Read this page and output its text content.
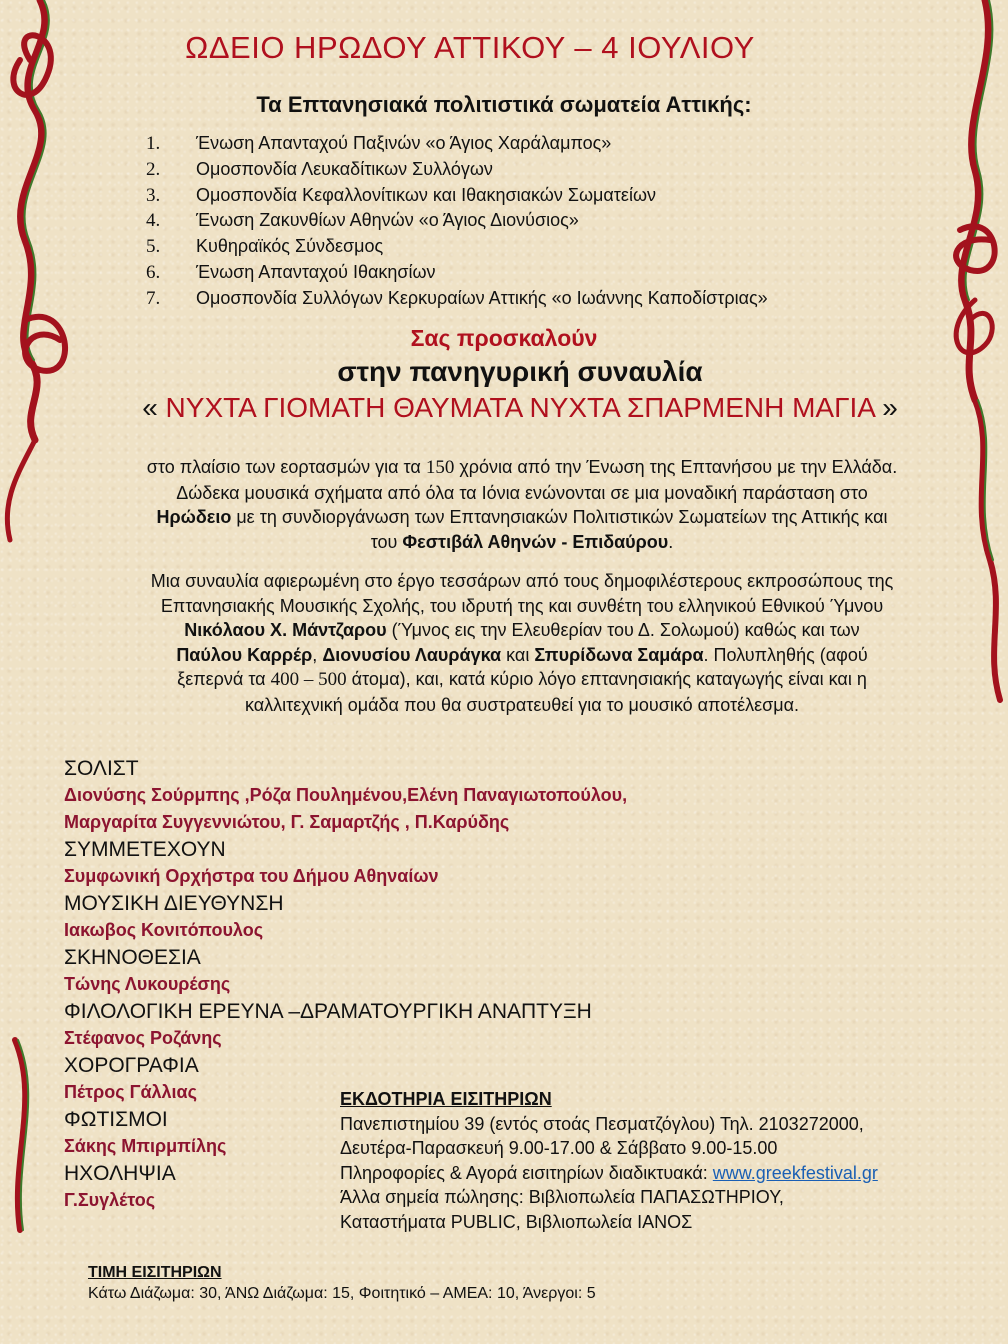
ΩΔΕΙΟ ΗΡΩΔΟΥ ΑΤΤΙΚΟΥ – 4 ΙΟΥΛΙΟΥ
Τα Επτανησιακά πολιτιστικά σωματεία Αττικής:
1.	Ένωση Απανταχού Παξινών «ο Άγιος Χαράλαμπος»
2.	Ομοσπονδία Λευκαδίτικων Συλλόγων
3.	Ομοσπονδία Κεφαλλονίτικων και Ιθακησιακών Σωματείων
4.	Ένωση Ζακυνθίων Αθηνών «ο Άγιος Διονύσιος»
5.	Κυθηραϊκός Σύνδεσμος
6.	Ένωση Απανταχού Ιθακησίων
7.	Ομοσπονδία Συλλόγων Κερκυραίων Αττικής «ο Ιωάννης Καποδίστριας»
Σας προσκαλούν
στην πανηγυρική συναυλία
« ΝΥΧΤΑ ΓΙΟΜΑΤΗ ΘΑΥΜΑΤΑ ΝΥΧΤΑ ΣΠΑΡΜΕΝΗ ΜΑΓΙΑ »

στο πλαίσιο των εορτασμών για τα 150 χρόνια από την Ένωση της Επτανήσου με την Ελλάδα.

Δώδεκα μουσικά σχήματα από όλα τα Ιόνια ενώνονται σε μια μοναδική παράσταση στο

Ηρώδειο με τη συνδιοργάνωση των Επτανησιακών Πολιτιστικών Σωματείων της Αττικής και

του Φεστιβάλ Αθηνών - Επιδαύρου.

Μια συναυλία αφιερωμένη στο έργο τεσσάρων από τους δημοφιλέστερους εκπροσώπους της

Επτανησιακής Μουσικής Σχολής, του ιδρυτή της και συνθέτη του ελληνικού Εθνικού Ύμνου

Νικόλαου Χ. Μάντζαρου (Ύμνος εις την Ελευθερίαν του Δ. Σολωμού) καθώς και των

Παύλου Καρρέρ, Διονυσίου Λαυράγκα και Σπυρίδωνα Σαμάρα. Πολυπληθής (αφού

ξεπερνά τα 400 – 500 άτομα), και, κατά κύριο λόγο επτανησιακής καταγωγής είναι και η

καλλιτεχνική ομάδα που θα συστρατευθεί για το μουσικό αποτέλεσμα.

ΣΟΛΙΣΤ
Διονύσης Σούρμπης ,Ρόζα Πουλημένου,Ελένη Παναγιωτοπούλου,
Μαργαρίτα Συγγεννιώτου, Γ. Σαμαρτζής , Π.Καρύδης
ΣΥΜΜΕΤΕΧΟΥΝ
Συμφωνική Ορχήστρα του Δήμου Αθηναίων
ΜΟΥΣΙΚΗ ΔΙΕΥΘΥΝΣΗ
Ιακωβος Κονιτόπουλος
ΣΚΗΝΟΘΕΣΙΑ
Τώνης Λυκουρέσης
ΦΙΛΟΛΟΓΙΚΗ ΕΡΕΥΝΑ –ΔΡΑΜΑΤΟΥΡΓΙΚΗ ΑΝΑΠΤΥΞΗ
Στέφανος Ροζάνης
ΧΟΡΟΓΡΑΦΙΑ
Πέτρος Γάλλιας
ΦΩΤΙΣΜΟΙ
Σάκης Μπιρμπίλης
ΗΧΟΛΗΨΙΑ
Γ.Συγλέτος
ΕΚΔΟΤΗΡΙΑ ΕΙΣΙΤΗΡΙΩΝ
Πανεπιστημίου 39 (εντός στοάς Πεσματζόγλου) Τηλ. 2103272000,
Δευτέρα-Παρασκευή 9.00-17.00 & Σάββατο 9.00-15.00
Πληροφορίες & Αγορά εισιτηρίων διαδικτυακά: www.greekfestival.gr
Άλλα σημεία πώλησης: Βιβλιοπωλεία ΠΑΠΑΣΩΤΗΡΙΟΥ,
Καταστήματα PUBLIC, Βιβλιοπωλεία ΙΑΝΟΣ
ΤΙΜΗ ΕΙΣΙΤΗΡΙΩΝ
Κάτω Διάζωμα: 30, ΆΝΩ Διάζωμα: 15, Φοιτητικό – ΑΜΕΑ: 10, Άνεργοι: 5
